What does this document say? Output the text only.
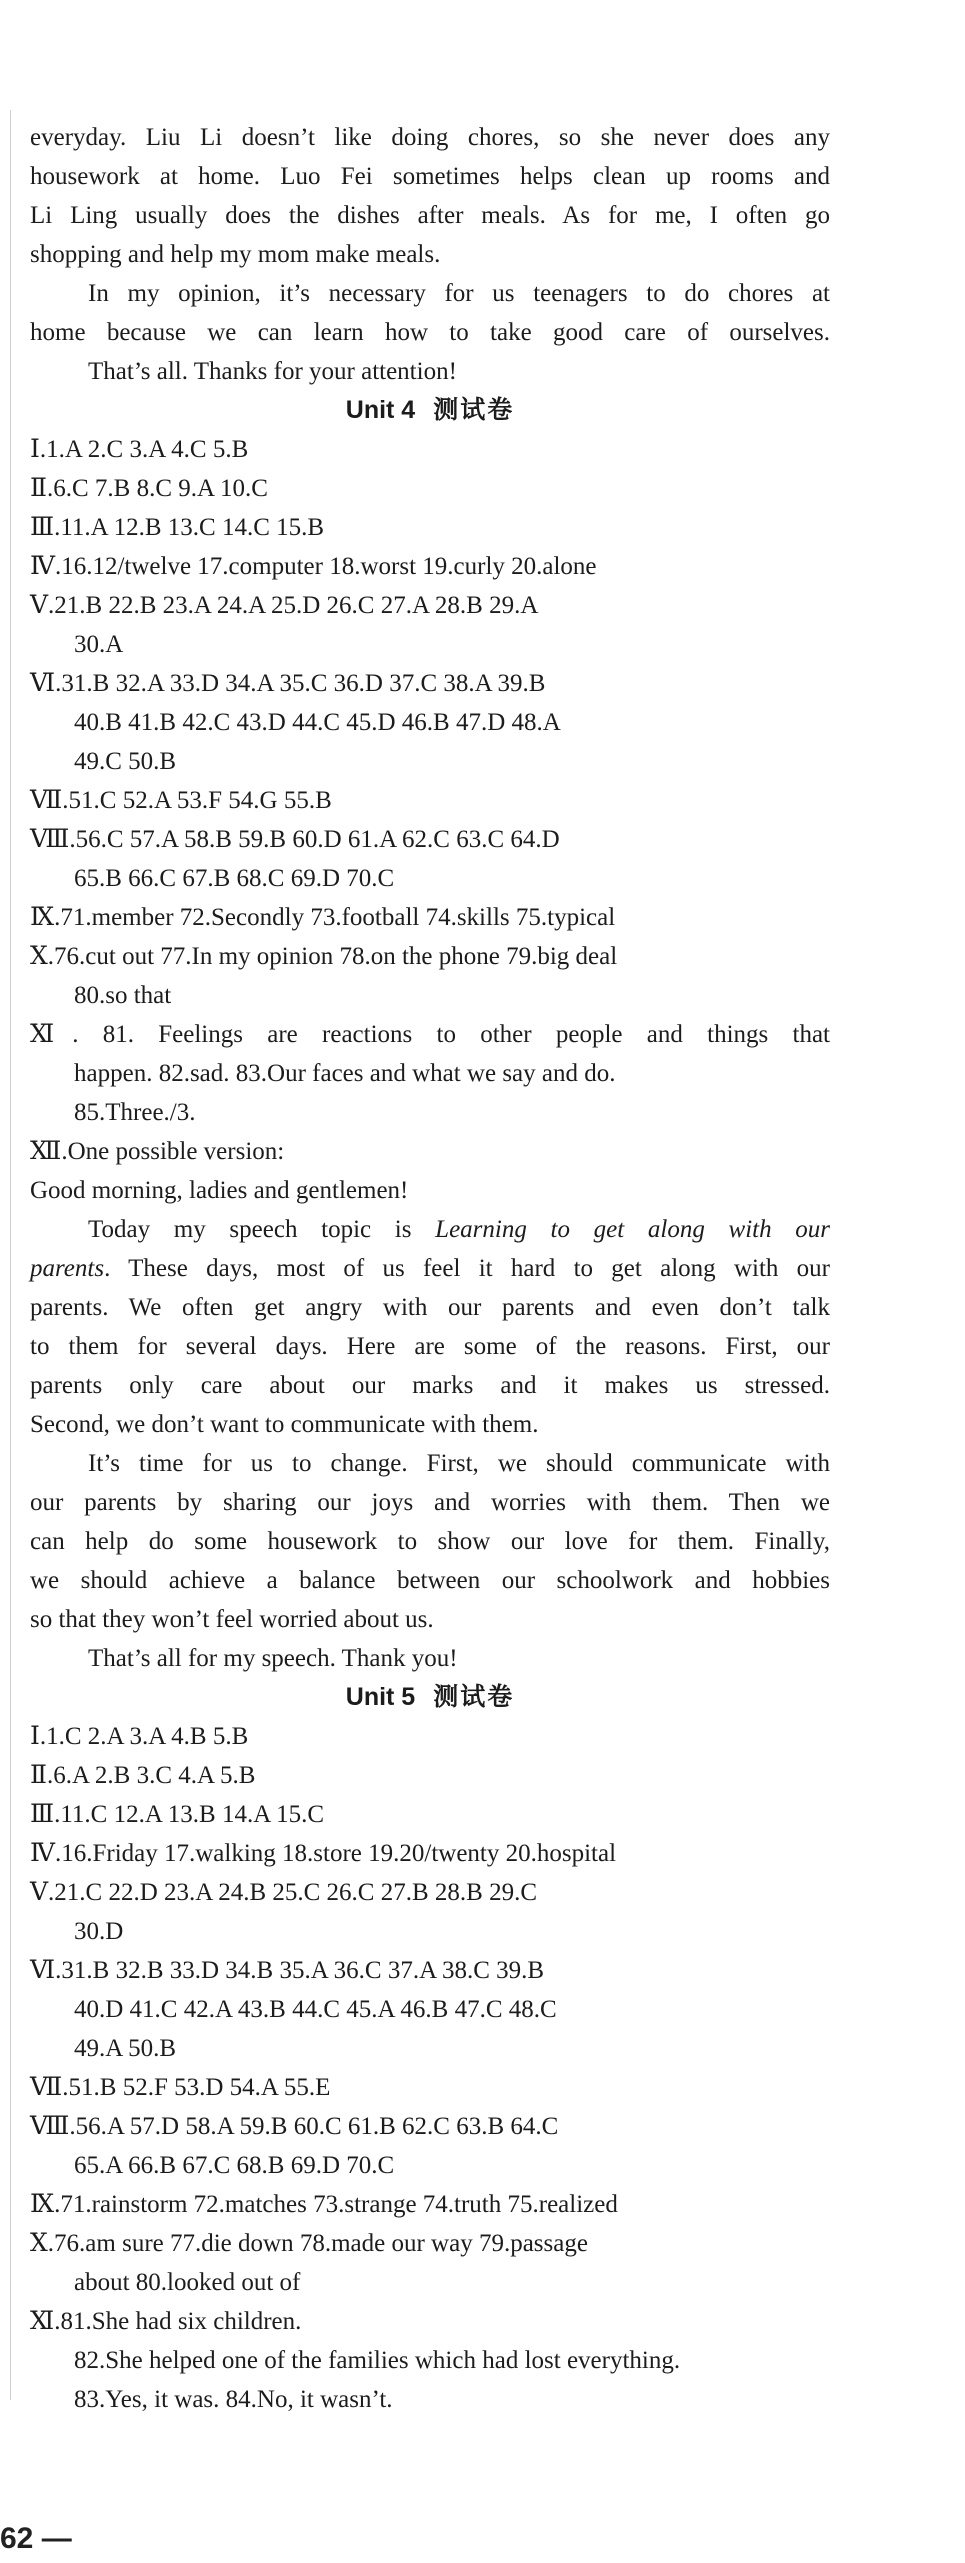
everyday. Liu Li doesn’t like doing chores, so she never does any
housework at home. Luo Fei sometimes helps clean up rooms and
Li Ling usually does the dishes after meals. As for me, I often go
shopping and help my mom make meals.
In my opinion, it’s necessary for us teenagers to do chores at
home because we can learn how to take good care of ourselves.
That’s all. Thanks for your attention!
Unit 4 测试卷
Ⅰ.1.A 2.C 3.A 4.C 5.B
Ⅱ.6.C 7.B 8.C 9.A 10.C
Ⅲ.11.A 12.B 13.C 14.C 15.B
Ⅳ.16.12/twelve 17.computer 18.worst 19.curly 20.alone
Ⅴ.21.B 22.B 23.A 24.A 25.D 26.C 27.A 28.B 29.A
30.A
Ⅵ.31.B 32.A 33.D 34.A 35.C 36.D 37.C 38.A 39.B
40.B 41.B 42.C 43.D 44.C 45.D 46.B 47.D 48.A
49.C 50.B
Ⅶ.51.C 52.A 53.F 54.G 55.B
Ⅷ.56.C 57.A 58.B 59.B 60.D 61.A 62.C 63.C 64.D
65.B 66.C 67.B 68.C 69.D 70.C
Ⅸ.71.member 72.Secondly 73.football 74.skills 75.typical
Ⅹ.76.cut out 77.In my opinion 78.on the phone 79.big deal
80.so that
Ⅺ. 81. Feelings are reactions to other people and things that
happen. 82.sad. 83.Our faces and what we say and do.
85.Three./3.
Ⅻ.One possible version:
Good morning, ladies and gentlemen!
Today my speech topic is Learning to get along with our
parents. These days, most of us feel it hard to get along with our
parents. We often get angry with our parents and even don’t talk
to them for several days. Here are some of the reasons. First, our
parents only care about our marks and it makes us stressed.
Second, we don’t want to communicate with them.
It’s time for us to change. First, we should communicate with
our parents by sharing our joys and worries with them. Then we
can help do some housework to show our love for them. Finally,
we should achieve a balance between our schoolwork and hobbies
so that they won’t feel worried about us.
That’s all for my speech. Thank you!
Unit 5 测试卷
Ⅰ.1.C 2.A 3.A 4.B 5.B
Ⅱ.6.A 2.B 3.C 4.A 5.B
Ⅲ.11.C 12.A 13.B 14.A 15.C
Ⅳ.16.Friday 17.walking 18.store 19.20/twenty 20.hospital
Ⅴ.21.C 22.D 23.A 24.B 25.C 26.C 27.B 28.B 29.C
30.D
Ⅵ.31.B 32.B 33.D 34.B 35.A 36.C 37.A 38.C 39.B
40.D 41.C 42.A 43.B 44.C 45.A 46.B 47.C 48.C
49.A 50.B
Ⅶ.51.B 52.F 53.D 54.A 55.E
Ⅷ.56.A 57.D 58.A 59.B 60.C 61.B 62.C 63.B 64.C
65.A 66.B 67.C 68.B 69.D 70.C
Ⅸ.71.rainstorm 72.matches 73.strange 74.truth 75.realized
Ⅹ.76.am sure 77.die down 78.made our way 79.passage
about 80.looked out of
Ⅺ.81.She had six children.
82.She helped one of the families which had lost everything.
83.Yes, it was. 84.No, it wasn’t.
62 —
